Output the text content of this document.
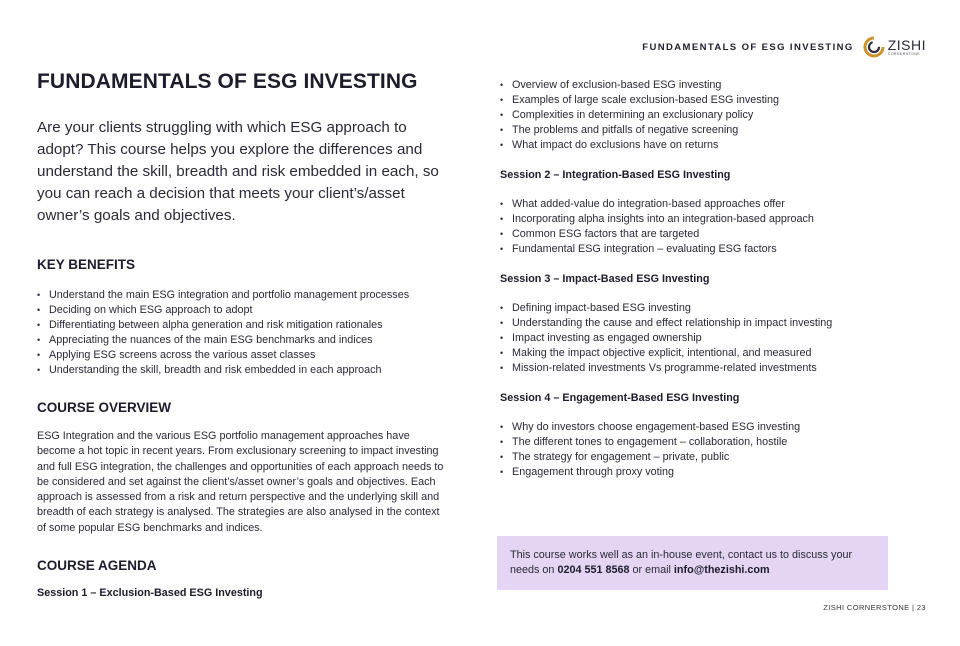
FUNDAMENTALS OF ESG INVESTING ZISHI
CORNERSTONE
FUNDAMENTALS OF ESG INVESTING

Are your clients struggling with which ESG approach to adopt? This course helps you explore the differences and understand the skill, breadth and risk embedded in each, so you can reach a decision that meets your client’s/asset owner’s goals and objectives.

KEY BENEFITS
• Understand the main ESG integration and portfolio management processes
• Deciding on which ESG approach to adopt
• Differentiating between alpha generation and risk mitigation rationales
• Appreciating the nuances of the main ESG benchmarks and indices
• Applying ESG screens across the various asset classes
• Understanding the skill, breadth and risk embedded in each approach
COURSE OVERVIEW

ESG Integration and the various ESG portfolio management approaches have become a hot topic in recent years. From exclusionary screening to impact investing and full ESG integration, the challenges and opportunities of each approach needs to be considered and set against the client’s/asset owner’s goals and objectives. Each approach is assessed from a risk and return perspective and the underlying skill and breadth of each strategy is analysed. The strategies are also analysed in the context of some popular ESG benchmarks and indices.

COURSE AGENDA

Session 1 – Exclusion-Based ESG Investing

• Overview of exclusion-based ESG investing
• Examples of large scale exclusion-based ESG investing
• Complexities in determining an exclusionary policy
• The problems and pitfalls of negative screening
• What impact do exclusions have on returns

Session 2 – Integration-Based ESG Investing

• What added-value do integration-based approaches offer
• Incorporating alpha insights into an integration-based approach
• Common ESG factors that are targeted
• Fundamental ESG integration – evaluating ESG factors

Session 3 – Impact-Based ESG Investing

• Defining impact-based ESG investing
• Understanding the cause and effect relationship in impact investing
• Impact investing as engaged ownership
• Making the impact objective explicit, intentional, and measured
• Mission-related investments Vs programme-related investments

Session 4 – Engagement-Based ESG Investing

• Why do investors choose engagement-based ESG investing
• The different tones to engagement – collaboration, hostile
• The strategy for engagement – private, public
• Engagement through proxy voting
This course works well as an in-house event, contact us to discuss your needs on 0204 551 8568 or email info@thezishi.com
ZISHI CORNERSTONE | 23
